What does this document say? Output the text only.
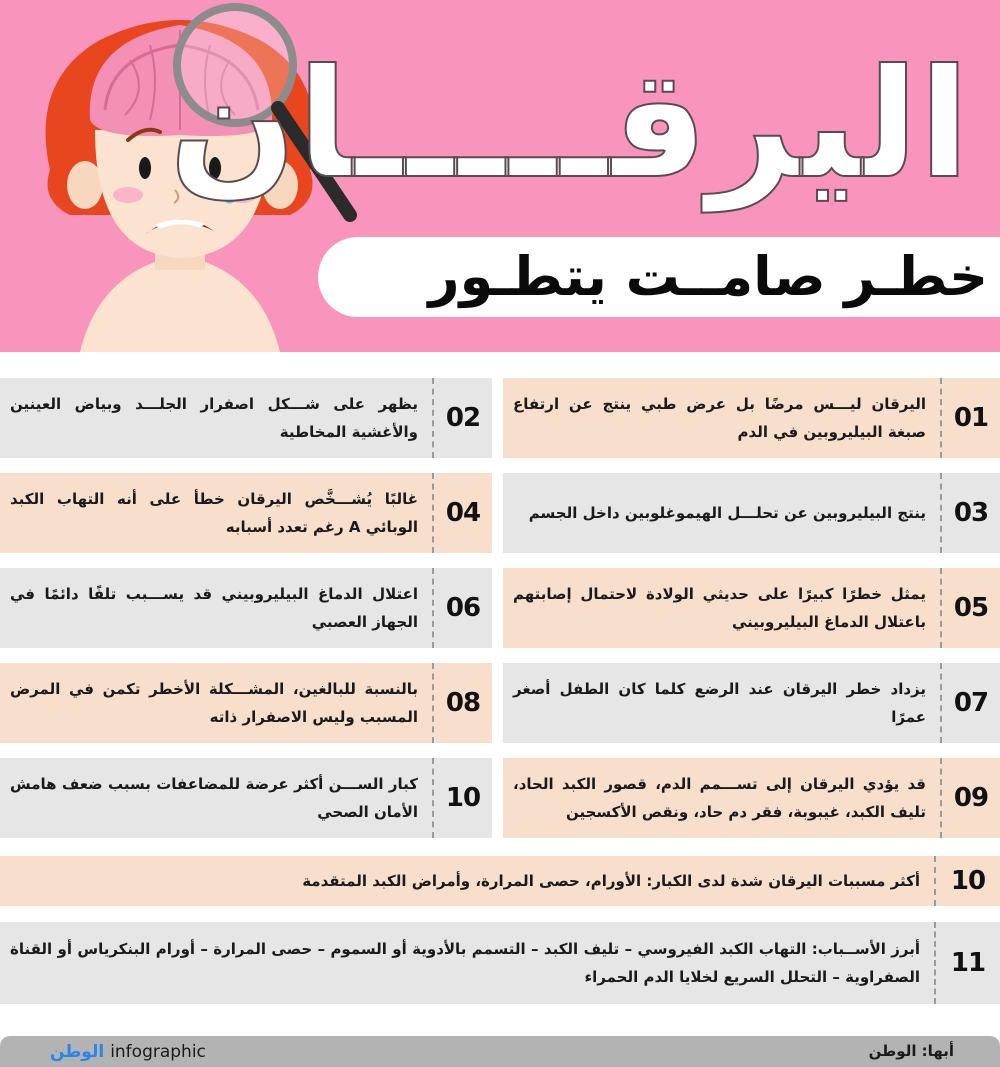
اليرقـــــان
خطـر صامــت يتطـور
01
اليرقان ليـــس مرضًا بل عرض طبي ينتج عن ارتفاع صبغة البيليروبين في الدم
02
يظهر على شـــكل اصفرار الجلـــد وبياض العينين والأغشية المخاطية
03
ينتج البيليروبين عن تحلـــل الهيموغلوبين داخل الجسم
04
غالبًا يُشـــخَّص اليرقان خطأ على أنه التهاب الكبد الوبائي A رغم تعدد أسبابه
05
يمثل خطرًا كبيرًا على حديثي الولادة لاحتمال إصابتهم باعتلال الدماغ البيليروبيني
06
اعتلال الدماغ البيليروبيني قد يســـبب تلفًا دائمًا في الجهاز العصبي
07
يزداد خطر اليرقان عند الرضع كلما كان الطفل أصغر عمرًا
08
بالنسبة للبالغين، المشـــكلة الأخطر تكمن في المرض المسبب وليس الاصفرار ذاته
09
قد يؤدي اليرقان إلى تســـمم الدم، قصور الكبد الحاد، تليف الكبد، غيبوبة، فقر دم حاد، ونقص الأكسجين
10
كبار الســـن أكثر عرضة للمضاعفات بسبب ضعف هامش الأمان الصحي
10
أكثر مسببات اليرقان شدة لدى الكبار: الأورام، حصى المرارة، وأمراض الكبد المتقدمة
11
أبرز الأســباب: التهاب الكبد الفيروسي – تليف الكبد – التسمم بالأدوية أو السموم – حصى المرارة – أورام البنكرياس أو القناة الصفراوية – التحلل السريع لخلايا الدم الحمراء
أبها: الوطن
الوطن infographic
